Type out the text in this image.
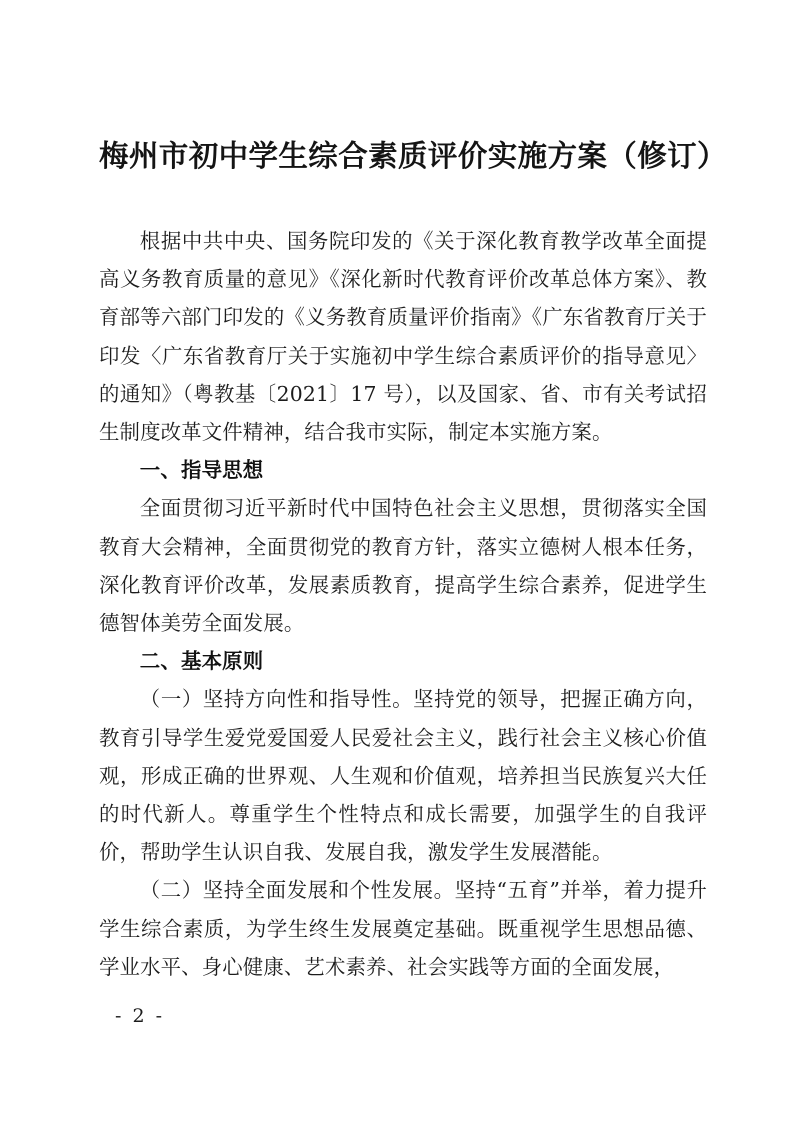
梅州市初中学生综合素质评价实施方案（修订）

根据中共中央、国务院印发的《关于深化教育教学改革全面提高义务教育质量的意见》《深化新时代教育评价改革总体方案》、教育部等六部门印发的《义务教育质量评价指南》《广东省教育厅关于印发〈广东省教育厅关于实施初中学生综合素质评价的指导意见〉的通知》（粤教基〔2021〕17 号），以及国家、省、市有关考试招生制度改革文件精神，结合我市实际，制定本实施方案。

一、指导思想

全面贯彻习近平新时代中国特色社会主义思想，贯彻落实全国教育大会精神，全面贯彻党的教育方针，落实立德树人根本任务，深化教育评价改革，发展素质教育，提高学生综合素养，促进学生德智体美劳全面发展。

二、基本原则

（一）坚持方向性和指导性。坚持党的领导，把握正确方向，教育引导学生爱党爱国爱人民爱社会主义，践行社会主义核心价值观，形成正确的世界观、人生观和价值观，培养担当民族复兴大任的时代新人。尊重学生个性特点和成长需要，加强学生的自我评价，帮助学生认识自我、发展自我，激发学生发展潜能。

（二）坚持全面发展和个性发展。坚持“五育”并举，着力提升学生综合素质，为学生终生发展奠定基础。既重视学生思想品德、学业水平、身心健康、艺术素养、社会实践等方面的全面发展，

- 2 -
